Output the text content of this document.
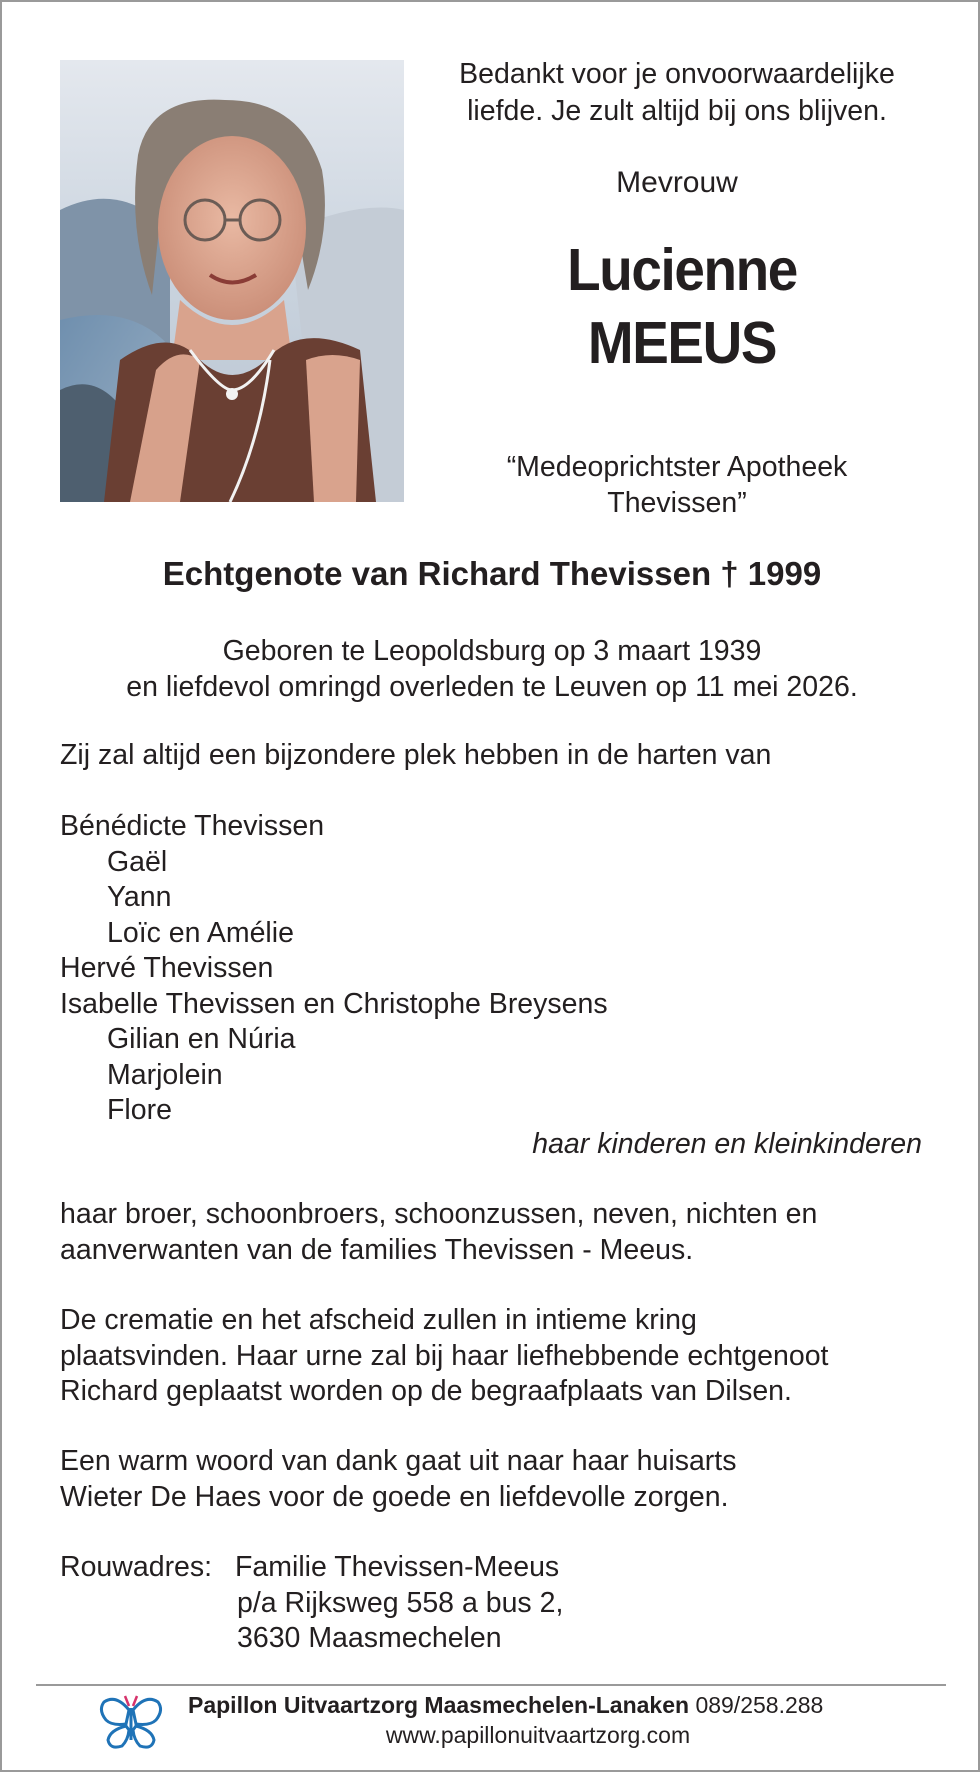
Bedankt voor je onvoorwaardelijke
liefde. Je zult altijd bij ons blijven.
Mevrouw
Lucienne
MEEUS
“Medeoprichtster Apotheek
Thevissen”
Echtgenote van Richard Thevissen † 1999
Geboren te Leopoldsburg op 3 maart 1939
en liefdevol omringd overleden te Leuven op 11 mei 2026.
Zij zal altijd een bijzondere plek hebben in de harten van
Bénédicte Thevissen
Gaël
Yann
Loïc en Amélie
Hervé Thevissen
Isabelle Thevissen en Christophe Breysens
Gilian en Núria
Marjolein
Flore
haar kinderen en kleinkinderen
haar broer, schoonbroers, schoonzussen, neven, nichten en
aanverwanten van de families Thevissen - Meeus.
De crematie en het afscheid zullen in intieme kring
plaatsvinden. Haar urne zal bij haar liefhebbende echtgenoot
Richard geplaatst worden op de begraafplaats van Dilsen.
Een warm woord van dank gaat uit naar haar huisarts
Wieter De Haes voor de goede en liefdevolle zorgen.
Rouwadres: Familie Thevissen-Meeus
p/a Rijksweg 558 a bus 2,
3630 Maasmechelen
Papillon Uitvaartzorg Maasmechelen-Lanaken 089/258.288
www.papillonuitvaartzorg.com
